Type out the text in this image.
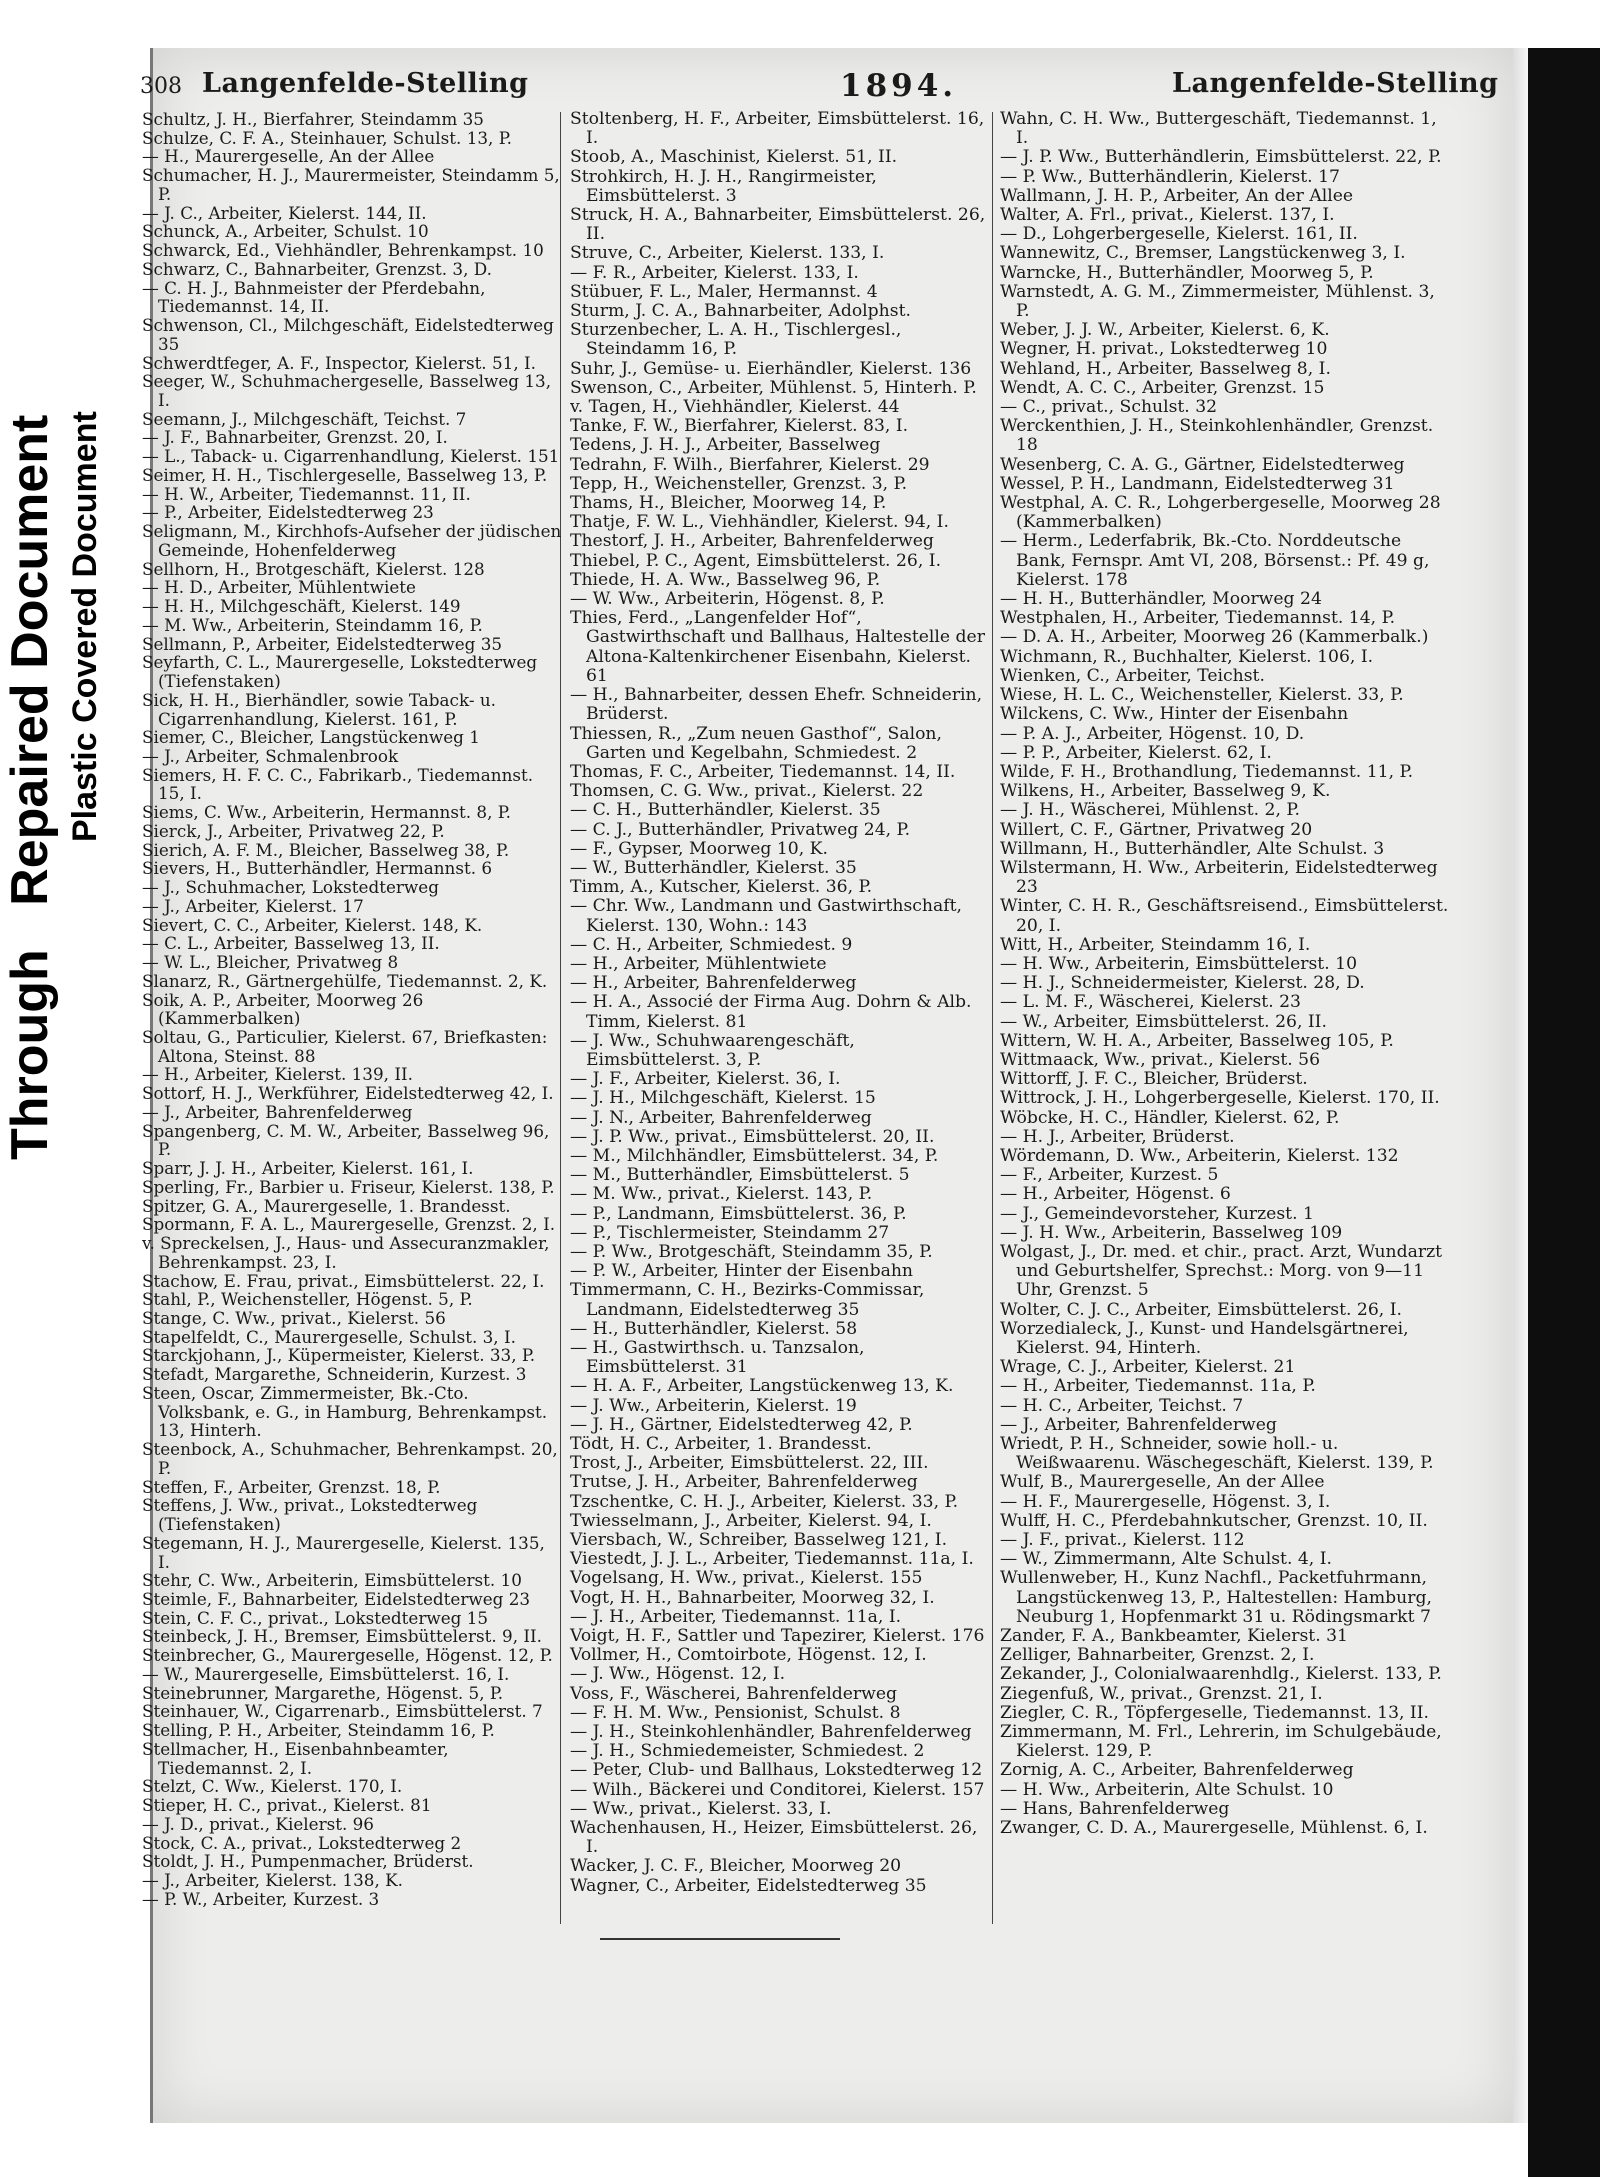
Through   Repaired Document Plastic Covered Document
308 Langenfelde-Stelling	1894.	Langenfelde-Stelling

Schultz, J. H., Bierfahrer, Steindamm 35

Schulze, C. F. A., Steinhauer, Schulst. 13, P.

— H., Maurergeselle, An der Allee

Schumacher, H. J., Maurermeister, Steindamm 5, P.

— J. C., Arbeiter, Kielerst. 144, II.

Schunck, A., Arbeiter, Schulst. 10

Schwarck, Ed., Viehhändler, Behrenkampst. 10

Schwarz, C., Bahnarbeiter, Grenzst. 3, D.

— C. H. J., Bahnmeister der Pferdebahn, Tiedemannst. 14, II.

Schwenson, Cl., Milchgeschäft, Eidelstedterweg 35

Schwerdtfeger, A. F., Inspector, Kielerst. 51, I.

Seeger, W., Schuhmachergeselle, Basselweg 13, I.

Seemann, J., Milchgeschäft, Teichst. 7

— J. F., Bahnarbeiter, Grenzst. 20, I.

— L., Taback- u. Cigarrenhandlung, Kielerst. 151

Seimer, H. H., Tischlergeselle, Basselweg 13, P.

— H. W., Arbeiter, Tiedemannst. 11, II.

— P., Arbeiter, Eidelstedterweg 23

Seligmann, M., Kirchhofs-Aufseher der jüdischen Gemeinde, Hohenfelderweg

Sellhorn, H., Brotgeschäft, Kielerst. 128

— H. D., Arbeiter, Mühlentwiete

— H. H., Milchgeschäft, Kielerst. 149

— M. Ww., Arbeiterin, Steindamm 16, P.

Sellmann, P., Arbeiter, Eidelstedterweg 35

Seyfarth, C. L., Maurergeselle, Lokstedterweg (Tiefenstaken)

Sick, H. H., Bierhändler, sowie Taback- u. Cigarrenhandlung, Kielerst. 161, P.

Siemer, C., Bleicher, Langstückenweg 1

— J., Arbeiter, Schmalenbrook

Siemers, H. F. C. C., Fabrikarb., Tiedemannst. 15, I.

Siems, C. Ww., Arbeiterin, Hermannst. 8, P.

Sierck, J., Arbeiter, Privatweg 22, P.

Sierich, A. F. M., Bleicher, Basselweg 38, P.

Sievers, H., Butterhändler, Hermannst. 6

— J., Schuhmacher, Lokstedterweg

— J., Arbeiter, Kielerst. 17

Sievert, C. C., Arbeiter, Kielerst. 148, K.

— C. L., Arbeiter, Basselweg 13, II.

— W. L., Bleicher, Privatweg 8

Slanarz, R., Gärtnergehülfe, Tiedemannst. 2, K.

Soik, A. P., Arbeiter, Moorweg 26 (Kammerbalken)

Soltau, G., Particulier, Kielerst. 67, Briefkasten: Altona, Steinst. 88

— H., Arbeiter, Kielerst. 139, II.

Sottorf, H. J., Werkführer, Eidelstedterweg 42, I.

— J., Arbeiter, Bahrenfelderweg

Spangenberg, C. M. W., Arbeiter, Basselweg 96, P.

Sparr, J. J. H., Arbeiter, Kielerst. 161, I.

Sperling, Fr., Barbier u. Friseur, Kielerst. 138, P.

Spitzer, G. A., Maurergeselle, 1. Brandesst.

Spormann, F. A. L., Maurergeselle, Grenzst. 2, I.

v. Spreckelsen, J., Haus- und Assecuranzmakler, Behrenkampst. 23, I.

Stachow, E. Frau, privat., Eimsbüttelerst. 22, I.

Stahl, P., Weichensteller, Högenst. 5, P.

Stange, C. Ww., privat., Kielerst. 56

Stapelfeldt, C., Maurergeselle, Schulst. 3, I.

Starckjohann, J., Küpermeister, Kielerst. 33, P.

Stefadt, Margarethe, Schneiderin, Kurzest. 3

Steen, Oscar, Zimmermeister, Bk.-Cto. Volksbank, e. G., in Hamburg, Behrenkampst. 13, Hinterh.

Steenbock, A., Schuhmacher, Behrenkampst. 20, P.

Steffen, F., Arbeiter, Grenzst. 18, P.

Steffens, J. Ww., privat., Lokstedterweg (Tiefenstaken)

Stegemann, H. J., Maurergeselle, Kielerst. 135, I.

Stehr, C. Ww., Arbeiterin, Eimsbüttelerst. 10

Steimle, F., Bahnarbeiter, Eidelstedterweg 23

Stein, C. F. C., privat., Lokstedterweg 15

Steinbeck, J. H., Bremser, Eimsbüttelerst. 9, II.

Steinbrecher, G., Maurergeselle, Högenst. 12, P.

— W., Maurergeselle, Eimsbüttelerst. 16, I.

Steinebrunner, Margarethe, Högenst. 5, P.

Steinhauer, W., Cigarrenarb., Eimsbüttelerst. 7

Stelling, P. H., Arbeiter, Steindamm 16, P.

Stellmacher, H., Eisenbahnbeamter, Tiedemannst. 2, I.

Stelzt, C. Ww., Kielerst. 170, I.

Stieper, H. C., privat., Kielerst. 81

— J. D., privat., Kielerst. 96

Stock, C. A., privat., Lokstedterweg 2

Stoldt, J. H., Pumpenmacher, Brüderst.

— J., Arbeiter, Kielerst. 138, K.

— P. W., Arbeiter, Kurzest. 3

Stoltenberg, H. F., Arbeiter, Eimsbüttelerst. 16, I.

Stoob, A., Maschinist, Kielerst. 51, II.

Strohkirch, H. J. H., Rangirmeister, Eimsbüttelerst. 3

Struck, H. A., Bahnarbeiter, Eimsbüttelerst. 26, II.

Struve, C., Arbeiter, Kielerst. 133, I.

— F. R., Arbeiter, Kielerst. 133, I.

Stübuer, F. L., Maler, Hermannst. 4

Sturm, J. C. A., Bahnarbeiter, Adolphst.

Sturzenbecher, L. A. H., Tischlergesl., Steindamm 16, P.

Suhr, J., Gemüse- u. Eierhändler, Kielerst. 136

Swenson, C., Arbeiter, Mühlenst. 5, Hinterh. P.

v. Tagen, H., Viehhändler, Kielerst. 44

Tanke, F. W., Bierfahrer, Kielerst. 83, I.

Tedens, J. H. J., Arbeiter, Basselweg

Tedrahn, F. Wilh., Bierfahrer, Kielerst. 29

Tepp, H., Weichensteller, Grenzst. 3, P.

Thams, H., Bleicher, Moorweg 14, P.

Thatje, F. W. L., Viehhändler, Kielerst. 94, I.

Thestorf, J. H., Arbeiter, Bahrenfelderweg

Thiebel, P. C., Agent, Eimsbüttelerst. 26, I.

Thiede, H. A. Ww., Basselweg 96, P.

— W. Ww., Arbeiterin, Högenst. 8, P.

Thies, Ferd., „Langenfelder Hof“, Gastwirthschaft und Ballhaus, Haltestelle der Altona-Kaltenkirchener Eisenbahn, Kielerst. 61

— H., Bahnarbeiter, dessen Ehefr. Schneiderin, Brüderst.

Thiessen, R., „Zum neuen Gasthof“, Salon, Garten und Kegelbahn, Schmiedest. 2

Thomas, F. C., Arbeiter, Tiedemannst. 14, II.

Thomsen, C. G. Ww., privat., Kielerst. 22

— C. H., Butterhändler, Kielerst. 35

— C. J., Butterhändler, Privatweg 24, P.

— F., Gypser, Moorweg 10, K.

— W., Butterhändler, Kielerst. 35

Timm, A., Kutscher, Kielerst. 36, P.

— Chr. Ww., Landmann und Gastwirthschaft, Kielerst. 130, Wohn.: 143

— C. H., Arbeiter, Schmiedest. 9

— H., Arbeiter, Mühlentwiete

— H., Arbeiter, Bahrenfelderweg

— H. A., Associé der Firma Aug. Dohrn & Alb. Timm, Kielerst. 81

— J. Ww., Schuhwaarengeschäft, Eimsbüttelerst. 3, P.

— J. F., Arbeiter, Kielerst. 36, I.

— J. H., Milchgeschäft, Kielerst. 15

— J. N., Arbeiter, Bahrenfelderweg

— J. P. Ww., privat., Eimsbüttelerst. 20, II.

— M., Milchhändler, Eimsbüttelerst. 34, P.

— M., Butterhändler, Eimsbüttelerst. 5

— M. Ww., privat., Kielerst. 143, P.

— P., Landmann, Eimsbüttelerst. 36, P.

— P., Tischlermeister, Steindamm 27

— P. Ww., Brotgeschäft, Steindamm 35, P.

— P. W., Arbeiter, Hinter der Eisenbahn

Timmermann, C. H., Bezirks-Commissar, Landmann, Eidelstedterweg 35

— H., Butterhändler, Kielerst. 58

— H., Gastwirthsch. u. Tanzsalon, Eimsbüttelerst. 31

— H. A. F., Arbeiter, Langstückenweg 13, K.

— J. Ww., Arbeiterin, Kielerst. 19

— J. H., Gärtner, Eidelstedterweg 42, P.

Tödt, H. C., Arbeiter, 1. Brandesst.

Trost, J., Arbeiter, Eimsbüttelerst. 22, III.

Trutse, J. H., Arbeiter, Bahrenfelderweg

Tzschentke, C. H. J., Arbeiter, Kielerst. 33, P.

Twiesselmann, J., Arbeiter, Kielerst. 94, I.

Viersbach, W., Schreiber, Basselweg 121, I.

Viestedt, J. J. L., Arbeiter, Tiedemannst. 11a, I.

Vogelsang, H. Ww., privat., Kielerst. 155

Vogt, H. H., Bahnarbeiter, Moorweg 32, I.

— J. H., Arbeiter, Tiedemannst. 11a, I.

Voigt, H. F., Sattler und Tapezirer, Kielerst. 176

Vollmer, H., Comtoirbote, Högenst. 12, I.

— J. Ww., Högenst. 12, I.

Voss, F., Wäscherei, Bahrenfelderweg

— F. H. M. Ww., Pensionist, Schulst. 8

— J. H., Steinkohlenhändler, Bahrenfelderweg

— J. H., Schmiedemeister, Schmiedest. 2

— Peter, Club- und Ballhaus, Lokstedterweg 12

— Wilh., Bäckerei und Conditorei, Kielerst. 157

— Ww., privat., Kielerst. 33, I.

Wachenhausen, H., Heizer, Eimsbüttelerst. 26, I.

Wacker, J. C. F., Bleicher, Moorweg 20

Wagner, C., Arbeiter, Eidelstedterweg 35

Wahn, C. H. Ww., Buttergeschäft, Tiedemannst. 1, I.

— J. P. Ww., Butterhändlerin, Eimsbüttelerst. 22, P.

— P. Ww., Butterhändlerin, Kielerst. 17

Wallmann, J. H. P., Arbeiter, An der Allee

Walter, A. Frl., privat., Kielerst. 137, I.

— D., Lohgerbergeselle, Kielerst. 161, II.

Wannewitz, C., Bremser, Langstückenweg 3, I.

Warncke, H., Butterhändler, Moorweg 5, P.

Warnstedt, A. G. M., Zimmermeister, Mühlenst. 3, P.

Weber, J. J. W., Arbeiter, Kielerst. 6, K.

Wegner, H. privat., Lokstedterweg 10

Wehland, H., Arbeiter, Basselweg 8, I.

Wendt, A. C. C., Arbeiter, Grenzst. 15

— C., privat., Schulst. 32

Werckenthien, J. H., Steinkohlenhändler, Grenzst. 18

Wesenberg, C. A. G., Gärtner, Eidelstedterweg

Wessel, P. H., Landmann, Eidelstedterweg 31

Westphal, A. C. R., Lohgerbergeselle, Moorweg 28 (Kammerbalken)

— Herm., Lederfabrik, Bk.-Cto. Norddeutsche Bank, Fernspr. Amt VI, 208, Börsenst.: Pf. 49 g, Kielerst. 178

— H. H., Butterhändler, Moorweg 24

Westphalen, H., Arbeiter, Tiedemannst. 14, P.

— D. A. H., Arbeiter, Moorweg 26 (Kammerbalk.)

Wichmann, R., Buchhalter, Kielerst. 106, I.

Wienken, C., Arbeiter, Teichst.

Wiese, H. L. C., Weichensteller, Kielerst. 33, P.

Wilckens, C. Ww., Hinter der Eisenbahn

— P. A. J., Arbeiter, Högenst. 10, D.

— P. P., Arbeiter, Kielerst. 62, I.

Wilde, F. H., Brothandlung, Tiedemannst. 11, P.

Wilkens, H., Arbeiter, Basselweg 9, K.

— J. H., Wäscherei, Mühlenst. 2, P.

Willert, C. F., Gärtner, Privatweg 20

Willmann, H., Butterhändler, Alte Schulst. 3

Wilstermann, H. Ww., Arbeiterin, Eidelstedterweg 23

Winter, C. H. R., Geschäftsreisend., Eimsbüttelerst. 20, I.

Witt, H., Arbeiter, Steindamm 16, I.

— H. Ww., Arbeiterin, Eimsbüttelerst. 10

— H. J., Schneidermeister, Kielerst. 28, D.

— L. M. F., Wäscherei, Kielerst. 23

— W., Arbeiter, Eimsbüttelerst. 26, II.

Wittern, W. H. A., Arbeiter, Basselweg 105, P.

Wittmaack, Ww., privat., Kielerst. 56

Wittorff, J. F. C., Bleicher, Brüderst.

Wittrock, J. H., Lohgerbergeselle, Kielerst. 170, II.

Wöbcke, H. C., Händler, Kielerst. 62, P.

— H. J., Arbeiter, Brüderst.

Wördemann, D. Ww., Arbeiterin, Kielerst. 132

— F., Arbeiter, Kurzest. 5

— H., Arbeiter, Högenst. 6

— J., Gemeindevorsteher, Kurzest. 1

— J. H. Ww., Arbeiterin, Basselweg 109

Wolgast, J., Dr. med. et chir., pract. Arzt, Wundarzt und Geburtshelfer, Sprechst.: Morg. von 9—11 Uhr, Grenzst. 5

Wolter, C. J. C., Arbeiter, Eimsbüttelerst. 26, I.

Worzedialeck, J., Kunst- und Handelsgärtnerei, Kielerst. 94, Hinterh.

Wrage, C. J., Arbeiter, Kielerst. 21

— H., Arbeiter, Tiedemannst. 11a, P.

— H. C., Arbeiter, Teichst. 7

— J., Arbeiter, Bahrenfelderweg

Wriedt, P. H., Schneider, sowie holl.- u. Weißwaarenu. Wäschegeschäft, Kielerst. 139, P.

Wulf, B., Maurergeselle, An der Allee

— H. F., Maurergeselle, Högenst. 3, I.

Wulff, H. C., Pferdebahnkutscher, Grenzst. 10, II.

— J. F., privat., Kielerst. 112

— W., Zimmermann, Alte Schulst. 4, I.

Wullenweber, H., Kunz Nachfl., Packetfuhrmann, Langstückenweg 13, P., Haltestellen: Hamburg, Neuburg 1, Hopfenmarkt 31 u. Rödingsmarkt 7

Zander, F. A., Bankbeamter, Kielerst. 31

Zelliger, Bahnarbeiter, Grenzst. 2, I.

Zekander, J., Colonialwaarenhdlg., Kielerst. 133, P.

Ziegenfuß, W., privat., Grenzst. 21, I.

Ziegler, C. R., Töpfergeselle, Tiedemannst. 13, II.

Zimmermann, M. Frl., Lehrerin, im Schulgebäude, Kielerst. 129, P.

Zornig, A. C., Arbeiter, Bahrenfelderweg

— H. Ww., Arbeiterin, Alte Schulst. 10

— Hans, Bahrenfelderweg

Zwanger, C. D. A., Maurergeselle, Mühlenst. 6, I.
